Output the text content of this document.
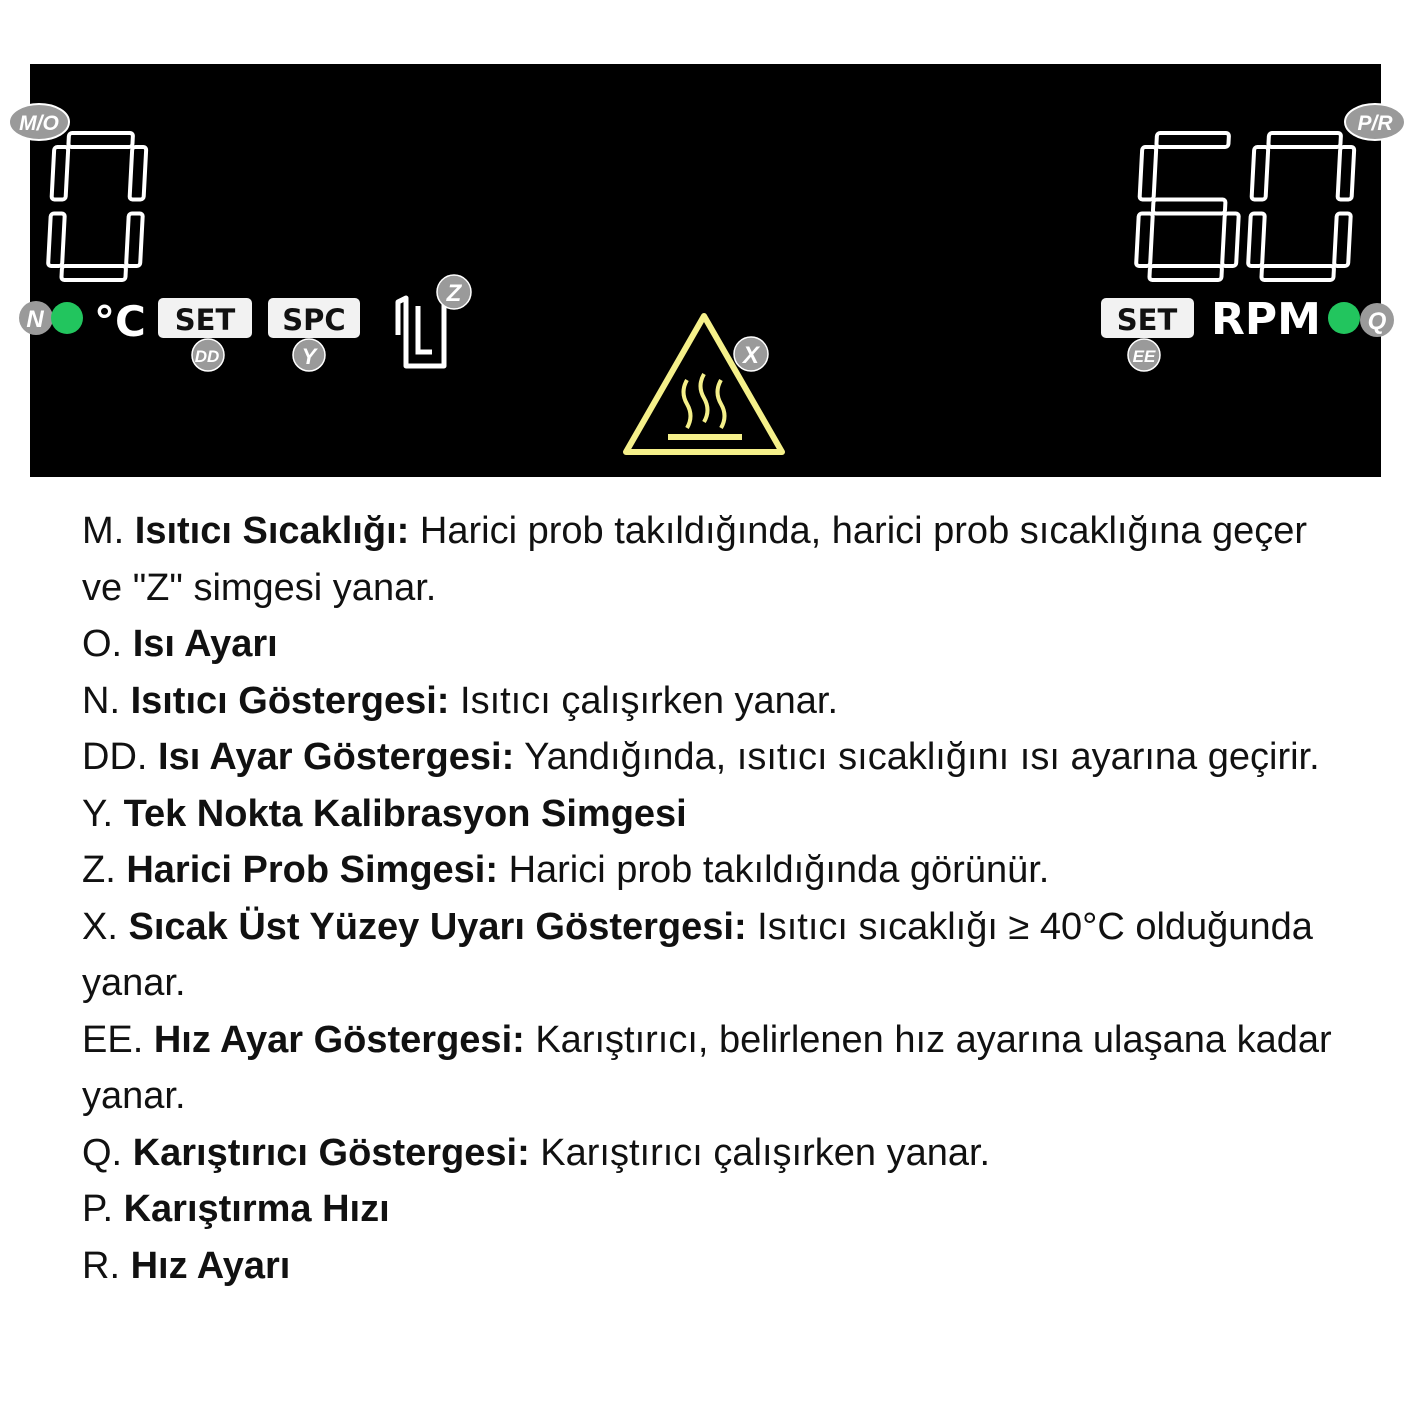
M/O	P/R
N °C SET
DD
SPC
Y
Z
X
SET
EE
RPM Q
M. Isıtıcı Sıcaklığı: Harici prob takıldığında, harici prob sıcaklığına geçer ve "Z" simgesi yanar.
O. Isı Ayarı
N. Isıtıcı Göstergesi: Isıtıcı çalışırken yanar.
DD. Isı Ayar Göstergesi: Yandığında, ısıtıcı sıcaklığını ısı ayarına geçirir.
Y. Tek Nokta Kalibrasyon Simgesi
Z. Harici Prob Simgesi: Harici prob takıldığında görünür.
X. Sıcak Üst Yüzey Uyarı Göstergesi: Isıtıcı sıcaklığı ≥ 40°C olduğunda yanar.
EE. Hız Ayar Göstergesi: Karıştırıcı, belirlenen hız ayarına ulaşana kadar yanar.
Q. Karıştırıcı Göstergesi: Karıştırıcı çalışırken yanar.
P. Karıştırma Hızı
R. Hız Ayarı
